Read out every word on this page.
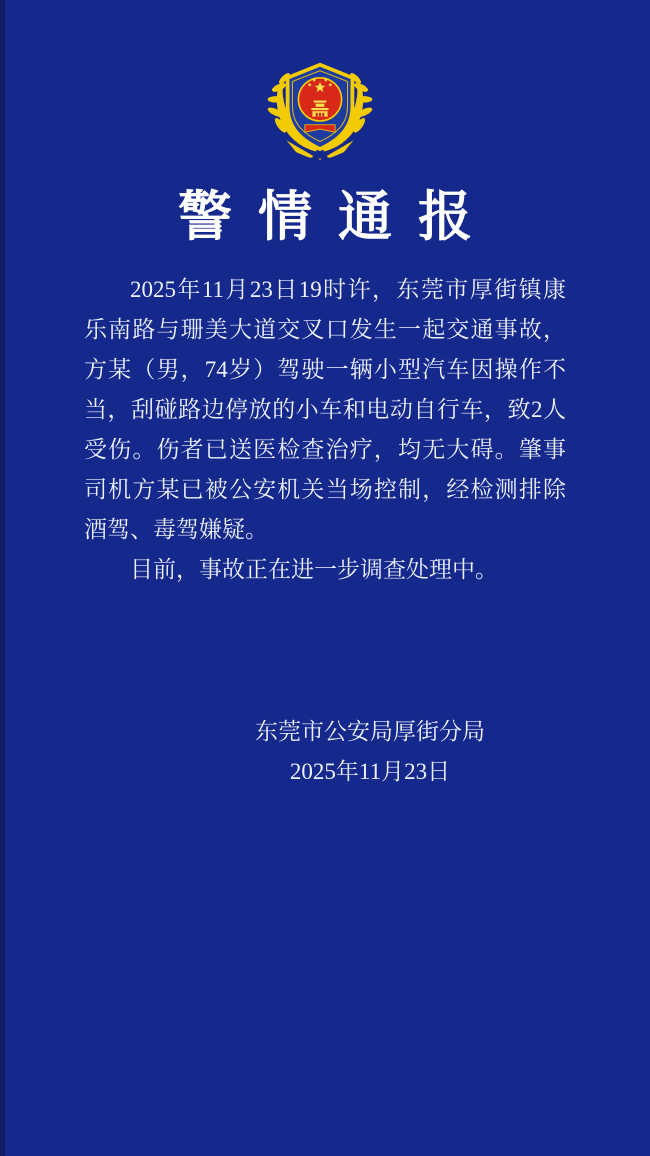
警情通报

2025年11月23日19时许，东莞市厚街镇康乐南路与珊美大道交叉口发生一起交通事故，方某（男，74岁）驾驶一辆小型汽车因操作不当，刮碰路边停放的小车和电动自行车，致2人受伤。伤者已送医检查治疗，均无大碍。肇事司机方某已被公安机关当场控制，经检测排除酒驾、毒驾嫌疑。

目前，事故正在进一步调查处理中。

东莞市公安局厚街分局
2025年11月23日
